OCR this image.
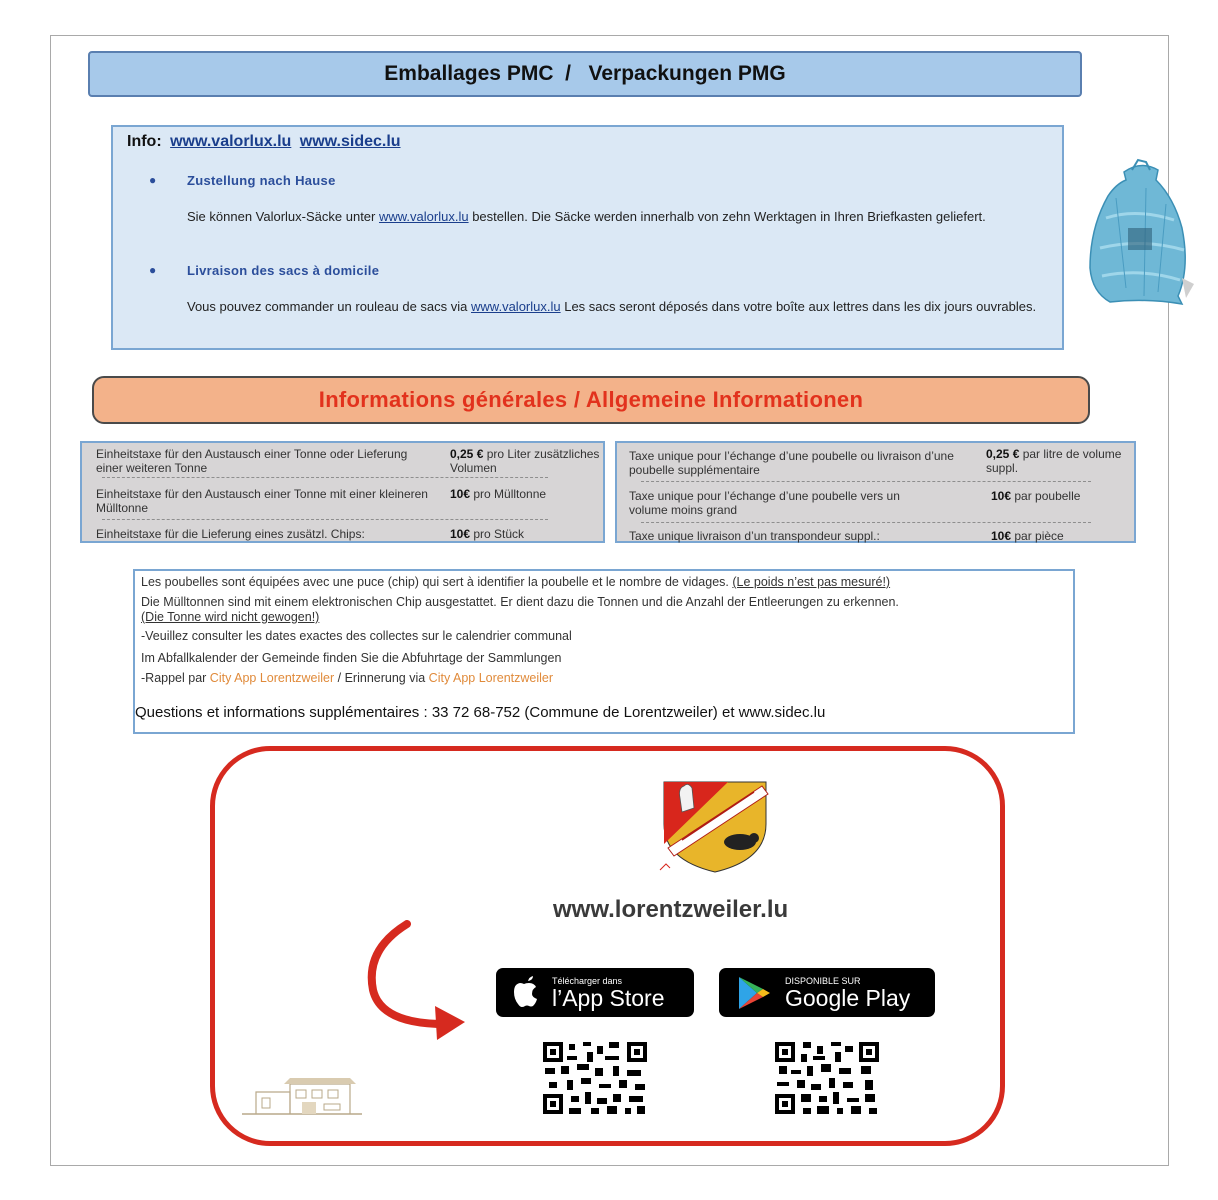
Emballages PMC  /   Verpackungen PMG
Info: www.valorlux.lu www.sidec.lu
● Zustellung nach Hause
Sie können Valorlux-Säcke unter www.valorlux.lu bestellen. Die Säcke werden innerhalb von zehn Werktagen in Ihren Briefkasten geliefert.
● Livraison des sacs à domicile
Vous pouvez commander un rouleau de sacs via www.valorlux.lu Les sacs seront déposés dans votre boîte aux lettres dans les dix jours ouvrables.
Informations générales / Allgemeine Informationen
Einheitstaxe für den Austausch einer Tonne oder Lieferung einer weiteren Tonne
0,25 € pro Liter zusätzliches Volumen
Einheitstaxe für den Austausch einer Tonne mit einer kleineren Mülltonne
10€ pro Mülltonne
Einheitstaxe für die Lieferung eines zusätzl. Chips:	10€ pro Stück
Taxe unique pour l’échange d’une poubelle ou livraison d’une poubelle supplémentaire
0,25 € par litre de volume suppl.
Taxe unique pour l’échange d’une poubelle vers un volume moins grand
10€ par poubelle
Taxe unique livraison d’un transpondeur suppl.:	10€ par pièce
Les poubelles sont équipées avec une puce (chip) qui sert à identifier la poubelle et le nombre de vidages. (Le poids n’est pas mesuré!)
Die Mülltonnen sind mit einem elektronischen Chip ausgestattet. Er dient dazu die Tonnen und die Anzahl der Entleerungen zu erkennen.
(Die Tonne wird nicht gewogen!)
-Veuillez consulter les dates exactes des collectes sur le calendrier communal
Im Abfallkalender der Gemeinde finden Sie die Abfuhrtage der Sammlungen
-Rappel par City App Lorentzweiler / Erinnerung via City App Lorentzweiler
Questions et informations supplémentaires : 33 72 68-752 (Commune de Lorentzweiler) et www.sidec.lu
www.lorentzweiler.lu
Télécharger dans
l’App Store
DISPONIBLE SUR
Google Play
